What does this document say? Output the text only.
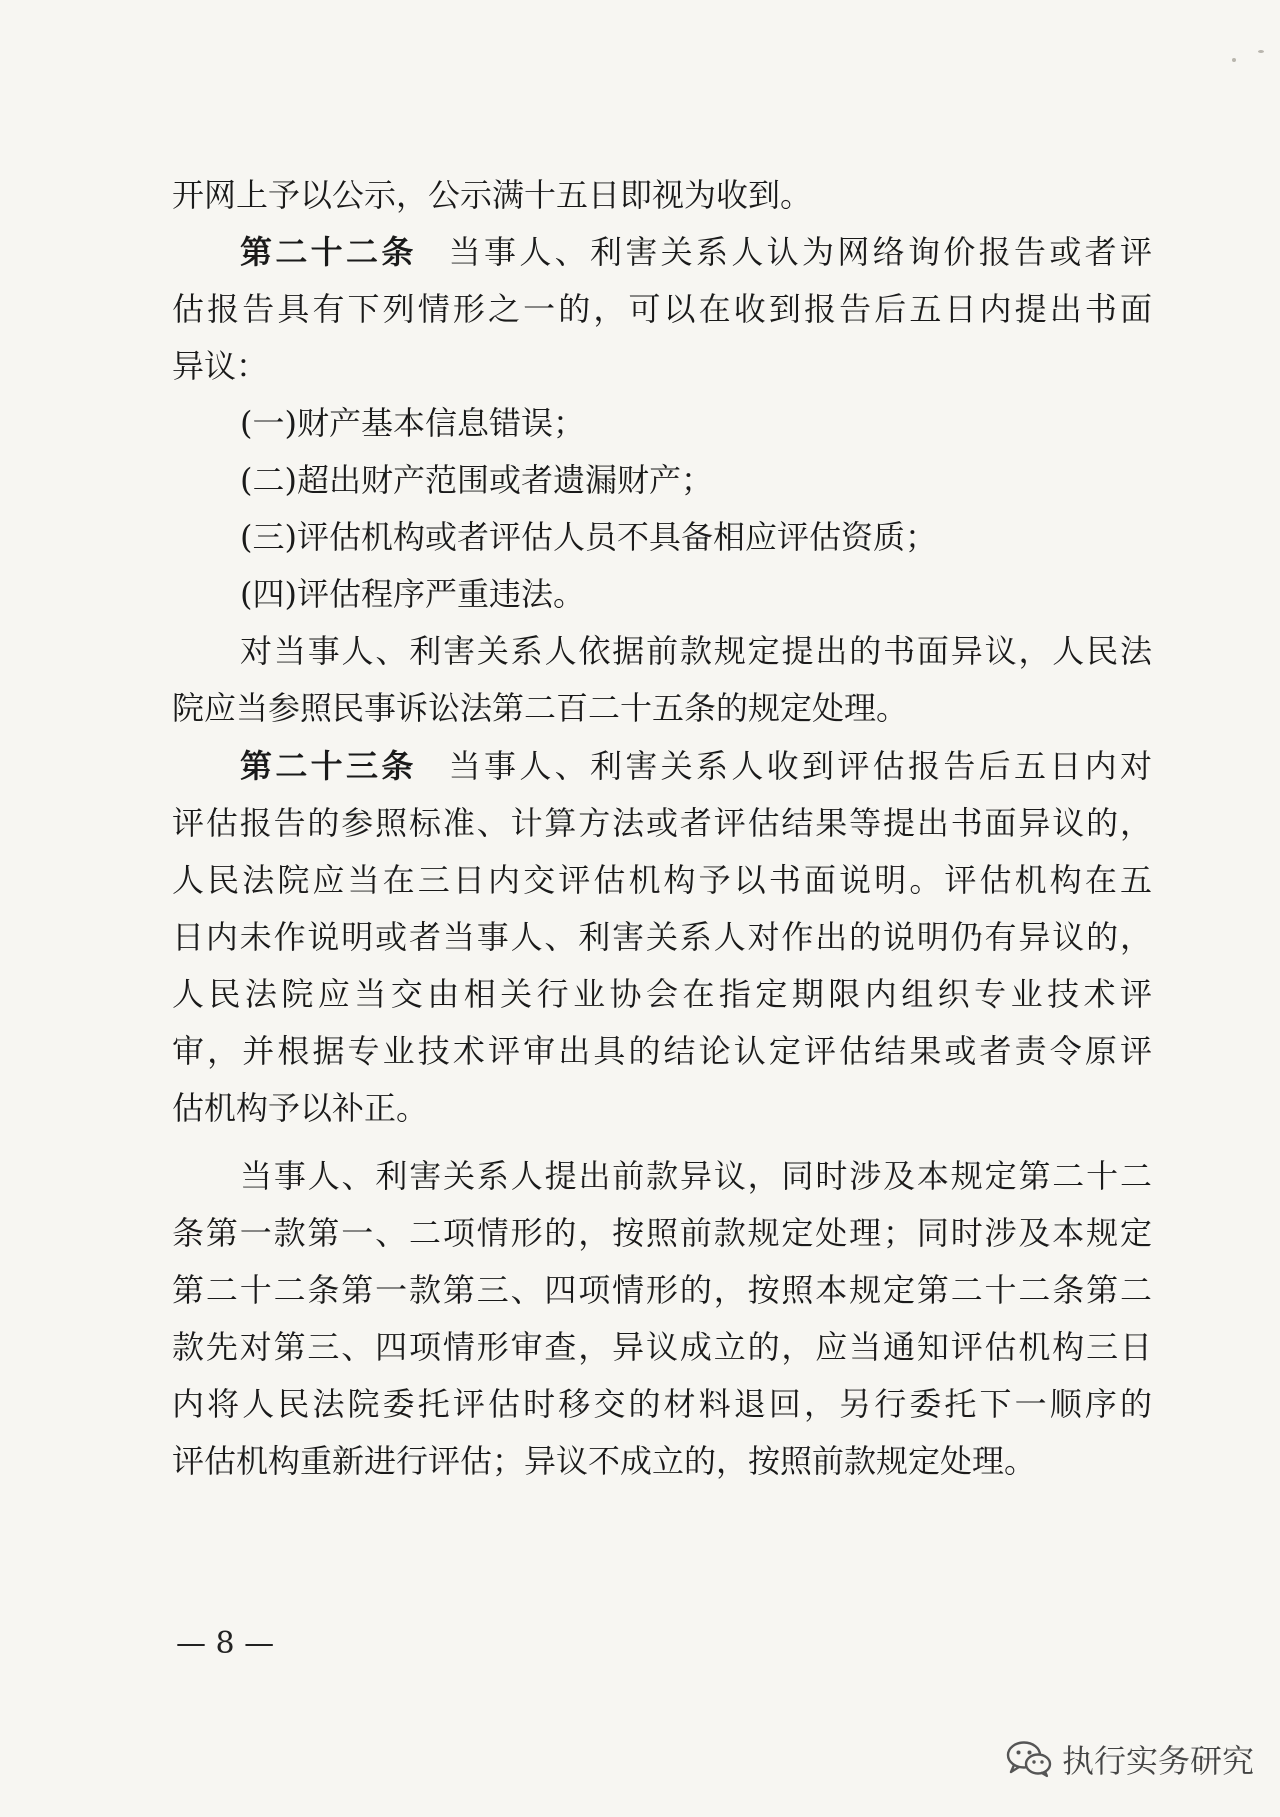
开网上予以公示，公示满十五日即视为收到。
第二十二条 当事人、利害关系人认为网络询价报告或者评
估报告具有下列情形之一的，可以在收到报告后五日内提出书面
异议：
(一)财产基本信息错误；
(二)超出财产范围或者遗漏财产；
(三)评估机构或者评估人员不具备相应评估资质；
(四)评估程序严重违法。
对当事人、利害关系人依据前款规定提出的书面异议，人民法
院应当参照民事诉讼法第二百二十五条的规定处理。
第二十三条 当事人、利害关系人收到评估报告后五日内对
评估报告的参照标准、计算方法或者评估结果等提出书面异议的，
人民法院应当在三日内交评估机构予以书面说明。评估机构在五
日内未作说明或者当事人、利害关系人对作出的说明仍有异议的，
人民法院应当交由相关行业协会在指定期限内组织专业技术评
审，并根据专业技术评审出具的结论认定评估结果或者责令原评
估机构予以补正。
当事人、利害关系人提出前款异议，同时涉及本规定第二十二
条第一款第一、二项情形的，按照前款规定处理；同时涉及本规定
第二十二条第一款第三、四项情形的，按照本规定第二十二条第二
款先对第三、四项情形审查，异议成立的，应当通知评估机构三日
内将人民法院委托评估时移交的材料退回，另行委托下一顺序的
评估机构重新进行评估；异议不成立的，按照前款规定处理。
— 8 —
执行实务研究
